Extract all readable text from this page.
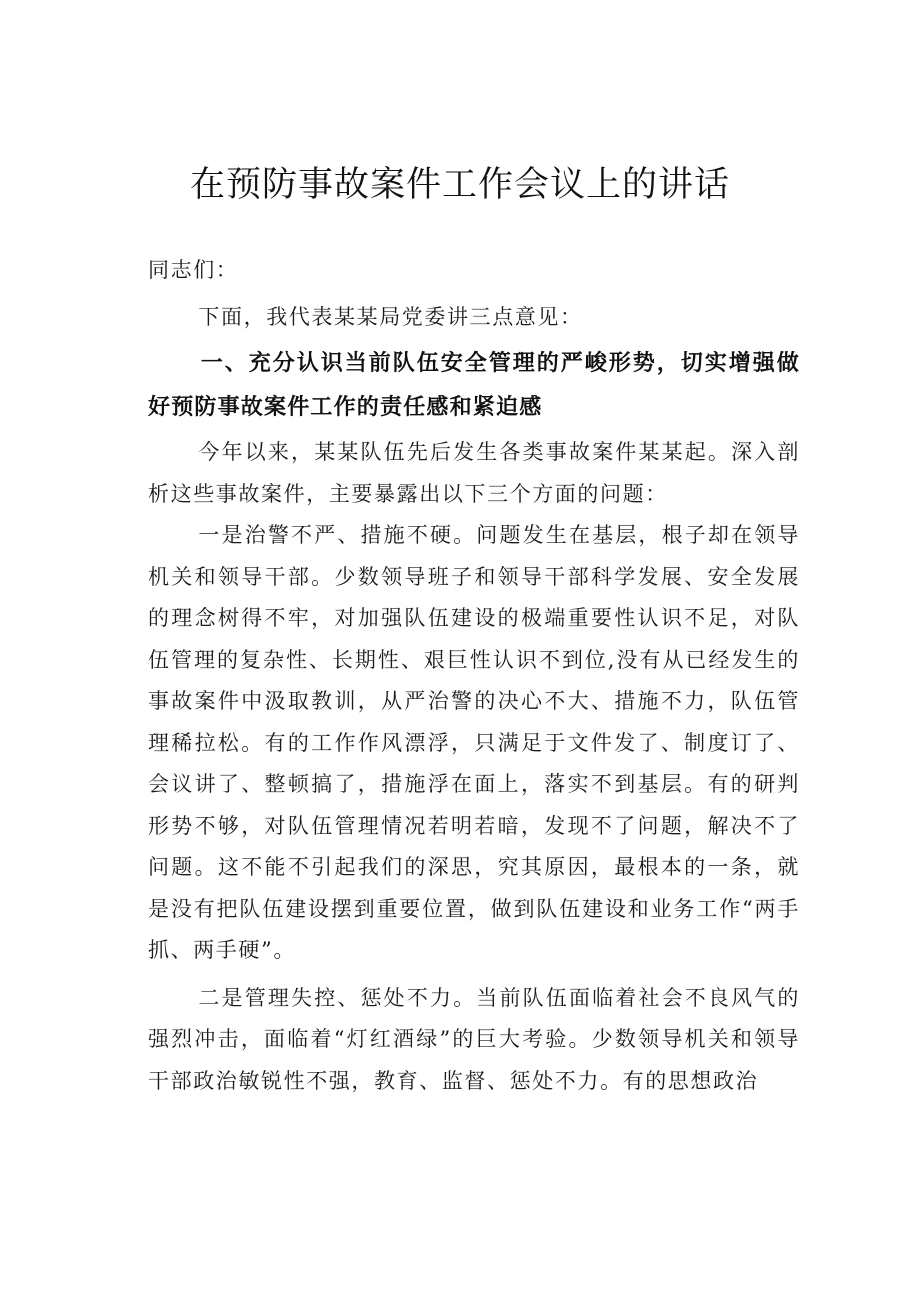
在预防事故案件工作会议上的讲话

同志们：

下面，我代表某某局党委讲三点意见：

一、充分认识当前队伍安全管理的严峻形势，切实增强做好预防事故案件工作的责任感和紧迫感

今年以来，某某队伍先后发生各类事故案件某某起。深入剖析这些事故案件，主要暴露出以下三个方面的问题：

一是治警不严、措施不硬。问题发生在基层，根子却在领导机关和领导干部。少数领导班子和领导干部科学发展、安全发展的理念树得不牢，对加强队伍建设的极端重要性认识不足，对队伍管理的复杂性、长期性、艰巨性认识不到位,没有从已经发生的事故案件中汲取教训，从严治警的决心不大、措施不力，队伍管理稀拉松。有的工作作风漂浮，只满足于文件发了、制度订了、会议讲了、整顿搞了，措施浮在面上，落实不到基层。有的研判形势不够，对队伍管理情况若明若暗，发现不了问题，解决不了问题。这不能不引起我们的深思，究其原因，最根本的一条，就是没有把队伍建设摆到重要位置，做到队伍建设和业务工作“两手抓、两手硬”。

二是管理失控、惩处不力。当前队伍面临着社会不良风气的强烈冲击，面临着“灯红酒绿”的巨大考验。少数领导机关和领导干部政治敏锐性不强，教育、监督、惩处不力。有的思想政治
